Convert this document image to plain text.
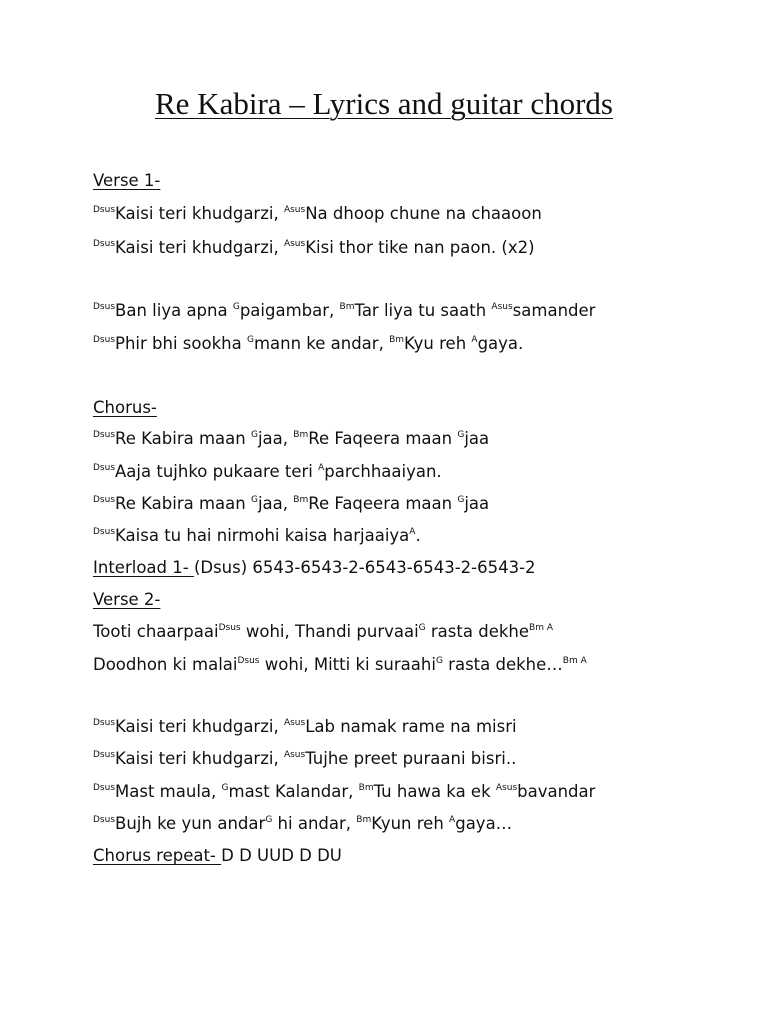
Re Kabira – Lyrics and guitar chords
Verse 1-
$^{Dsus}$Kaisi teri khudgarzi, $^{Asus}$Na dhoop chune na chaaoon
$^{Dsus}$Kaisi teri khudgarzi, $^{Asus}$Kisi thor tike nan paon. (x2)
$^{Dsus}$Ban liya apna $^G$paigambar, $^{Bm}$Tar liya tu saath $^{Asus}$samander
$^{Dsus}$Phir bhi sookha $^G$mann ke andar, $^{Bm}$Kyu reh $^A$gaya.
Chorus-
$^{Dsus}$Re Kabira maan $^G$jaa, $^{Bm}$Re Faqeera maan $^G$jaa
$^{Dsus}$Aaja tujhko pukaare teri $^A$parchhaaiyan.
$^{Dsus}$Re Kabira maan $^G$jaa, $^{Bm}$Re Faqeera maan $^G$jaa
$^{Dsus}$Kaisa tu hai nirmohi kaisa harjaaiya$^A$.
Interload 1- (Dsus) 6543-6543-2-6543-6543-2-6543-2
Verse 2-
Tooti chaarpaai$^{Dsus}$ wohi, Thandi purvaai$^G$ rasta dekhe$^{Bm A}$
Doodhon ki malai$^{Dsus}$ wohi, Mitti ki suraahi$^G$ rasta dekhe…$^{Bm A}$
$^{Dsus}$Kaisi teri khudgarzi, $^{Asus}$Lab namak rame na misri
$^{Dsus}$Kaisi teri khudgarzi, $^{Asus}$Tujhe preet puraani bisri..
$^{Dsus}$Mast maula, $^G$mast Kalandar, $^{Bm}$Tu hawa ka ek $^{Asus}$bavandar
$^{Dsus}$Bujh ke yun andar$^G$ hi andar, $^{Bm}$Kyun reh $^A$gaya…
Chorus repeat- D D UUD D DU
